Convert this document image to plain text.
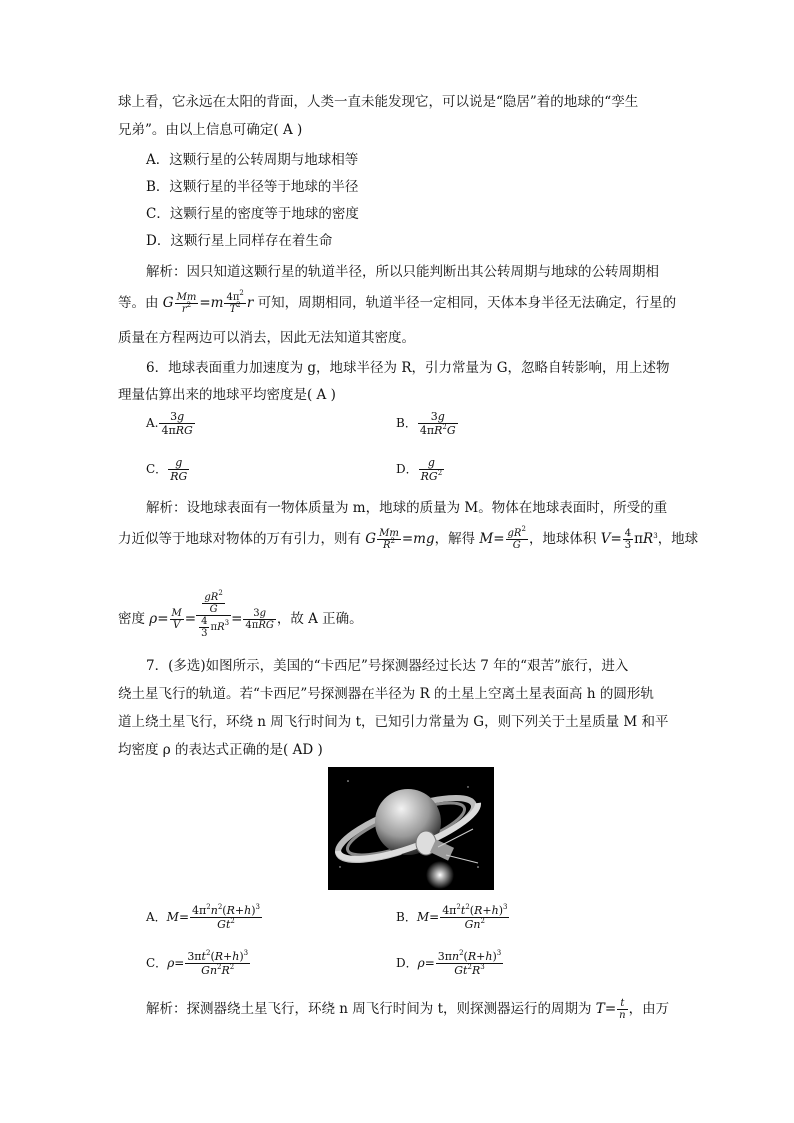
球上看，它永远在太阳的背面，人类一直未能发现它，可以说是“隐居”着的地球的“孪生
兄弟”。由以上信息可确定( A )
A．这颗行星的公转周期与地球相等
B．这颗行星的半径等于地球的半径
C．这颗行星的密度等于地球的密度
D．这颗行星上同样存在着生命
解析：因只知道这颗行星的轨道半径，所以只能判断出其公转周期与地球的公转周期相
等。由 G $\frac{Mm}{r^2} =m \frac{4\pi^2}{T^2}$ r 可知，周期相同，轨道半径一定相同，天体本身半径无法确定，行星的
质量在方程两边可以消去，因此无法知道其密度。
6．地球表面重力加速度为 g，地球半径为 R，引力常量为 G，忽略自转影响，用上述物
理量估算出来的地球平均密度是( A )
A. $\frac{3g}{\text{4πRG}}$	B． $\frac{3g}{4\pi R^2G}$
C． $\frac{g}{RG}$	D． $\frac{g}{RG^2}$
解析：设地球表面有一物体质量为 m，地球的质量为 M。物体在地球表面时，所受的重
力近似等于地球对物体的万有引力，则有 G $\frac{Mm}{R^2} =mg$，解得 $M= \frac{gR^2}{G}$ ，地球体积 $V= \frac{4}{3} \pi R^3$，地球
密度 $\rho= \frac{M}{V} = \frac{\frac{gR^2}{G}}{\frac{4}{3} \pi R^3} = \frac{3g}{\text{4πRG}}$ ，故 A 正确。
7．(多选)如图所示，美国的“卡西尼”号探测器经过长达 7 年的“艰苦”旅行，进入
绕土星飞行的轨道。若“卡西尼”号探测器在半径为 R 的土星上空离土星表面高 h 的圆形轨
道上绕土星飞行，环绕 n 周飞行时间为 t，已知引力常量为 G，则下列关于土星质量 M 和平
均密度 ρ 的表达式正确的是( AD )
A．$M= \frac{4\pi^2n^2(R+h)^3}{Gt^2}$	B．$M= \frac{4\pi^2t^2(R+h)^3}{Gn^2}$
C．$\rho= \frac{3\pi t^2(R+h)^3}{Gn^2R^2}$	D．$\rho= \frac{3\pi n^2(R+h)^3}{Gt^2R^3}$
解析：探测器绕土星飞行，环绕 n 周飞行时间为 t，则探测器运行的周期为 $T= \frac{t}{n}$ ，由万
